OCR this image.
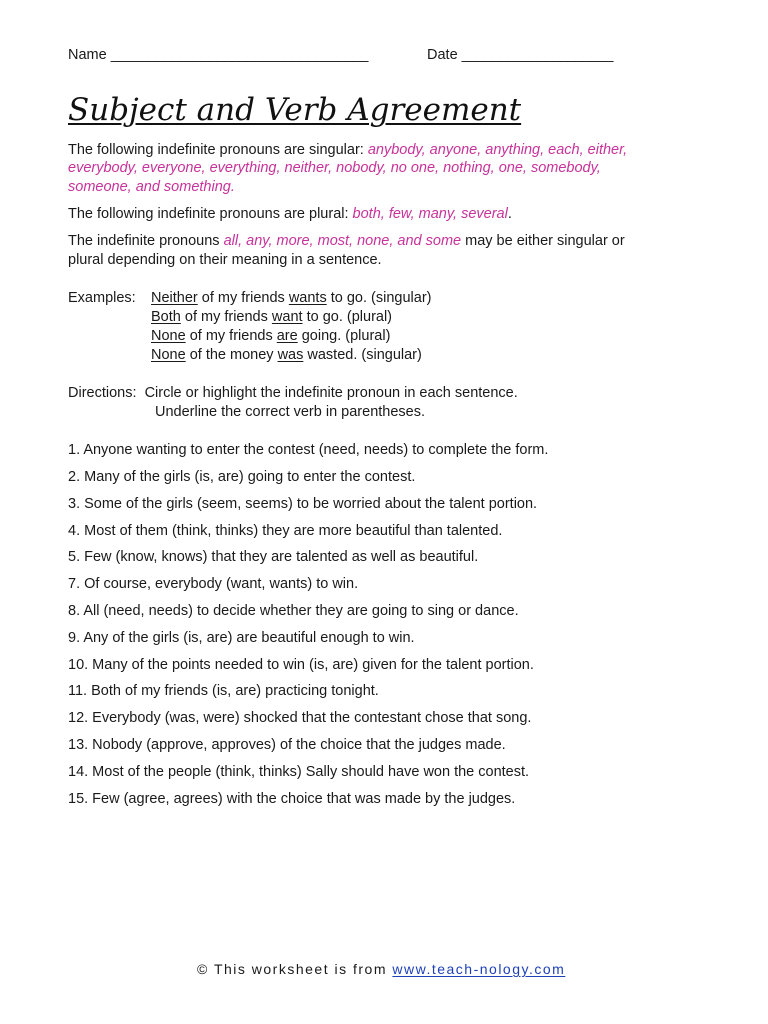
Name __________________________________	Date ____________________
Subject and Verb Agreement
The following indefinite pronouns are singular: anybody, anyone, anything, each, either,
everybody, everyone, everything, neither, nobody, no one, nothing, one, somebody,
someone, and something.
The following indefinite pronouns are plural: both, few, many, several.
The indefinite pronouns all, any, more, most, none, and some may be either singular or
plural depending on their meaning in a sentence.
Examples: Neither of my friends wants to go. (singular)
Both of my friends want to go. (plural)
None of my friends are going. (plural)
None of the money was wasted. (singular)
Directions: Circle or highlight the indefinite pronoun in each sentence.
Underline the correct verb in parentheses.
1. Anyone wanting to enter the contest (need, needs) to complete the form.
2. Many of the girls (is, are) going to enter the contest.
3. Some of the girls (seem, seems) to be worried about the talent portion.
4. Most of them (think, thinks) they are more beautiful than talented.
5. Few (know, knows) that they are talented as well as beautiful.
7. Of course, everybody (want, wants) to win.
8. All (need, needs) to decide whether they are going to sing or dance.
9. Any of the girls (is, are) are beautiful enough to win.
10. Many of the points needed to win (is, are) given for the talent portion.
11. Both of my friends (is, are) practicing tonight.
12. Everybody (was, were) shocked that the contestant chose that song.
13. Nobody (approve, approves) of the choice that the judges made.
14. Most of the people (think, thinks) Sally should have won the contest.
15. Few (agree, agrees) with the choice that was made by the judges.
© This worksheet is from www.teach-nology.com
